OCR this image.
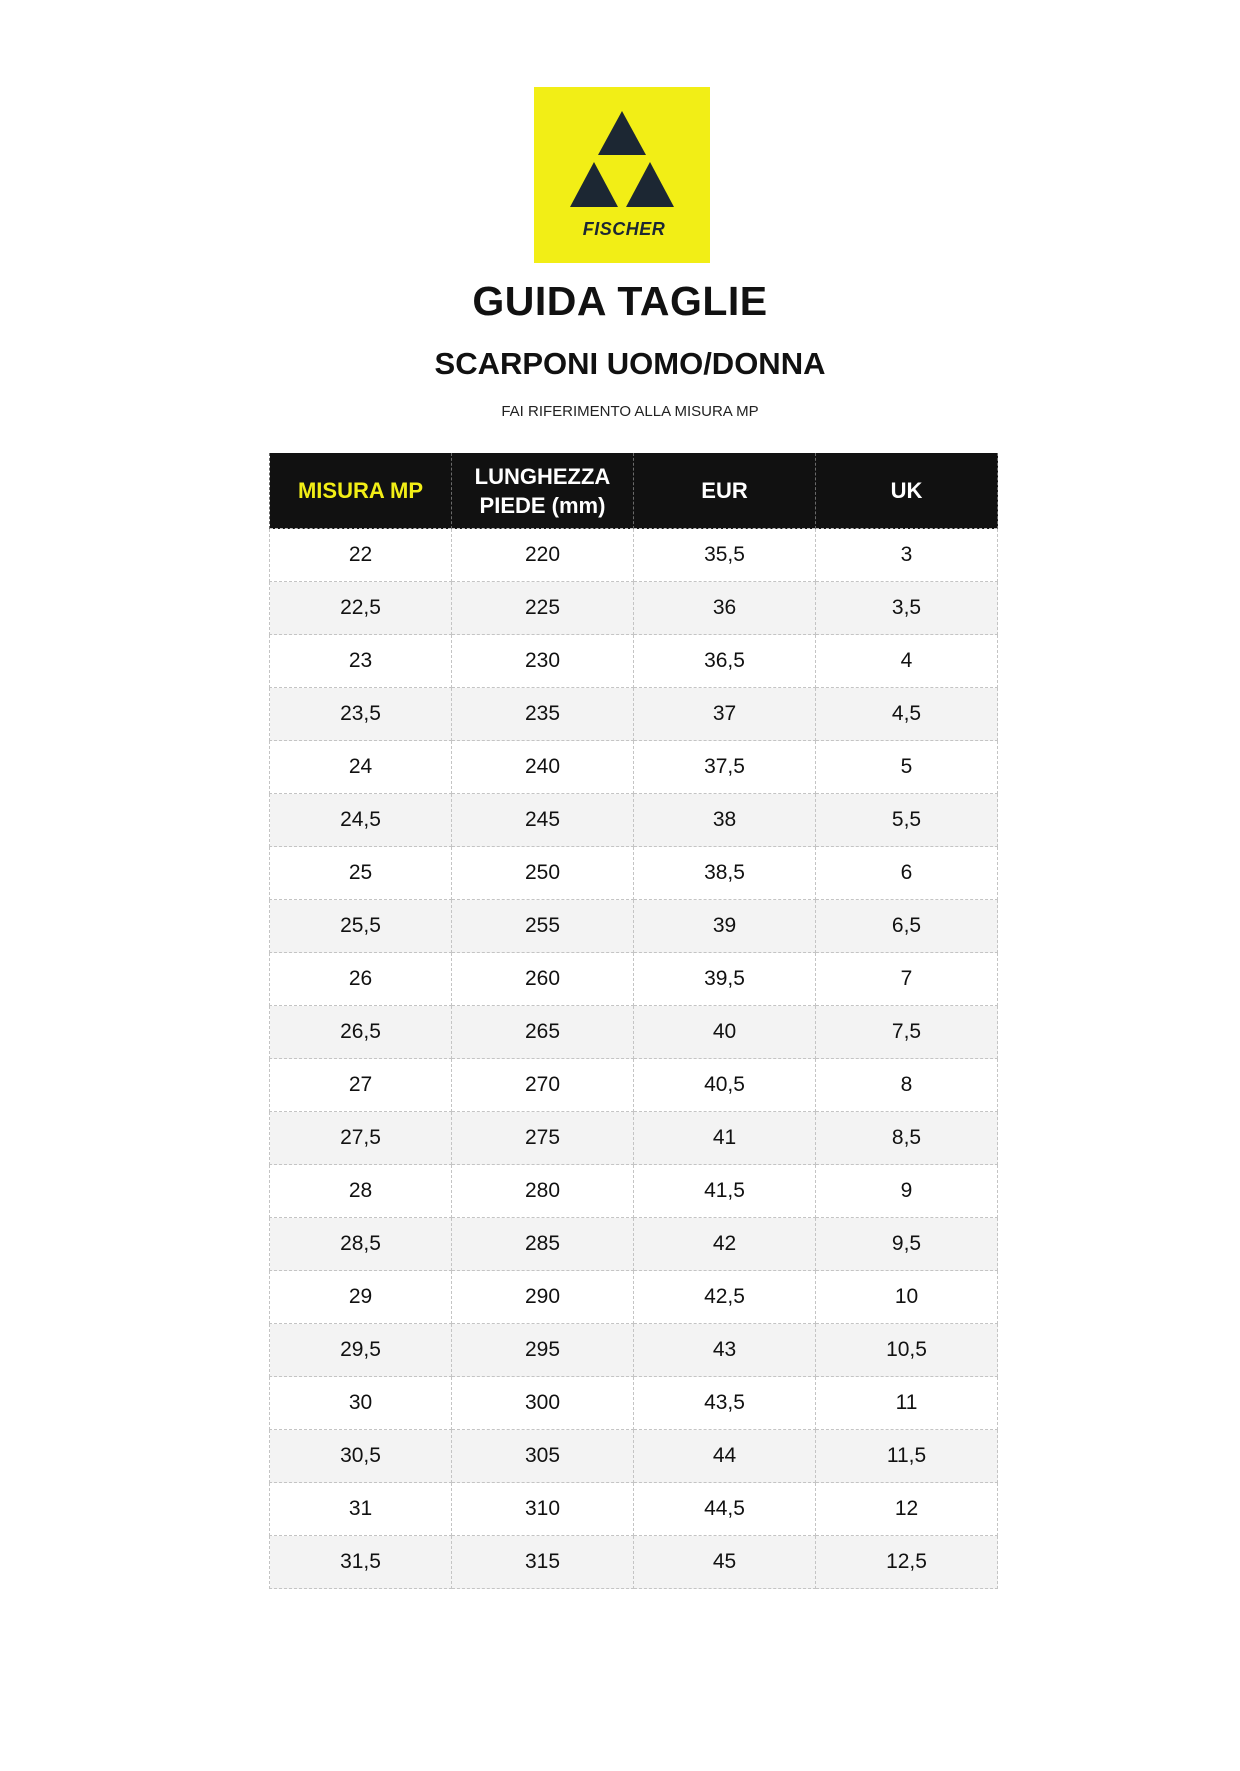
FISCHER
GUIDA TAGLIE
SCARPONI UOMO/DONNA
FAI RIFERIMENTO ALLA MISURA MP
MISURA MP	LUNGHEZZA PIEDE (mm)	EUR	UK
22	220	35,5	3
22,5	225	36	3,5
23	230	36,5	4
23,5	235	37	4,5
24	240	37,5	5
24,5	245	38	5,5
25	250	38,5	6
25,5	255	39	6,5
26	260	39,5	7
26,5	265	40	7,5
27	270	40,5	8
27,5	275	41	8,5
28	280	41,5	9
28,5	285	42	9,5
29	290	42,5	10
29,5	295	43	10,5
30	300	43,5	11
30,5	305	44	11,5
31	310	44,5	12
31,5	315	45	12,5
